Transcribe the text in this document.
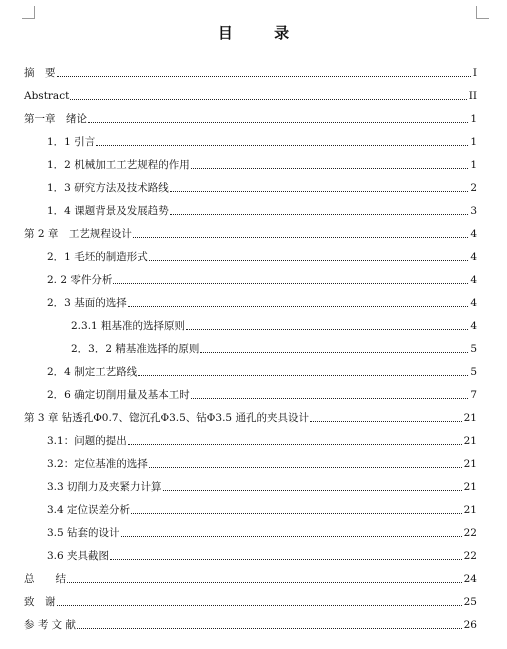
目 录
摘　要	I
Abstract	II
第一章　绪论	1
1．1 引言	1
1．2 机械加工工艺规程的作用	1
1．3 研究方法及技术路线	2
1．4 课题背景及发展趋势	3
第 2 章　工艺规程设计	4
2．1 毛坯的制造形式	4
2. 2 零件分析	4
2．3 基面的选择	4
2.3.1 粗基准的选择原则	4
2．3．2 精基准选择的原则	5
2．4 制定工艺路线	5
2．6 确定切削用量及基本工时	7
第 3 章 钻透孔Φ0.7、锪沉孔Φ3.5、钻Φ3.5 通孔的夹具设计	21
3.1：问题的提出	21
3.2：定位基准的选择	21
3.3 切削力及夹紧力计算	21
3.4 定位误差分析	21
3.5 钻套的设计	22
3.6 夹具截图	22
总　　结	24
致　谢	25
参 考 文 献	26
